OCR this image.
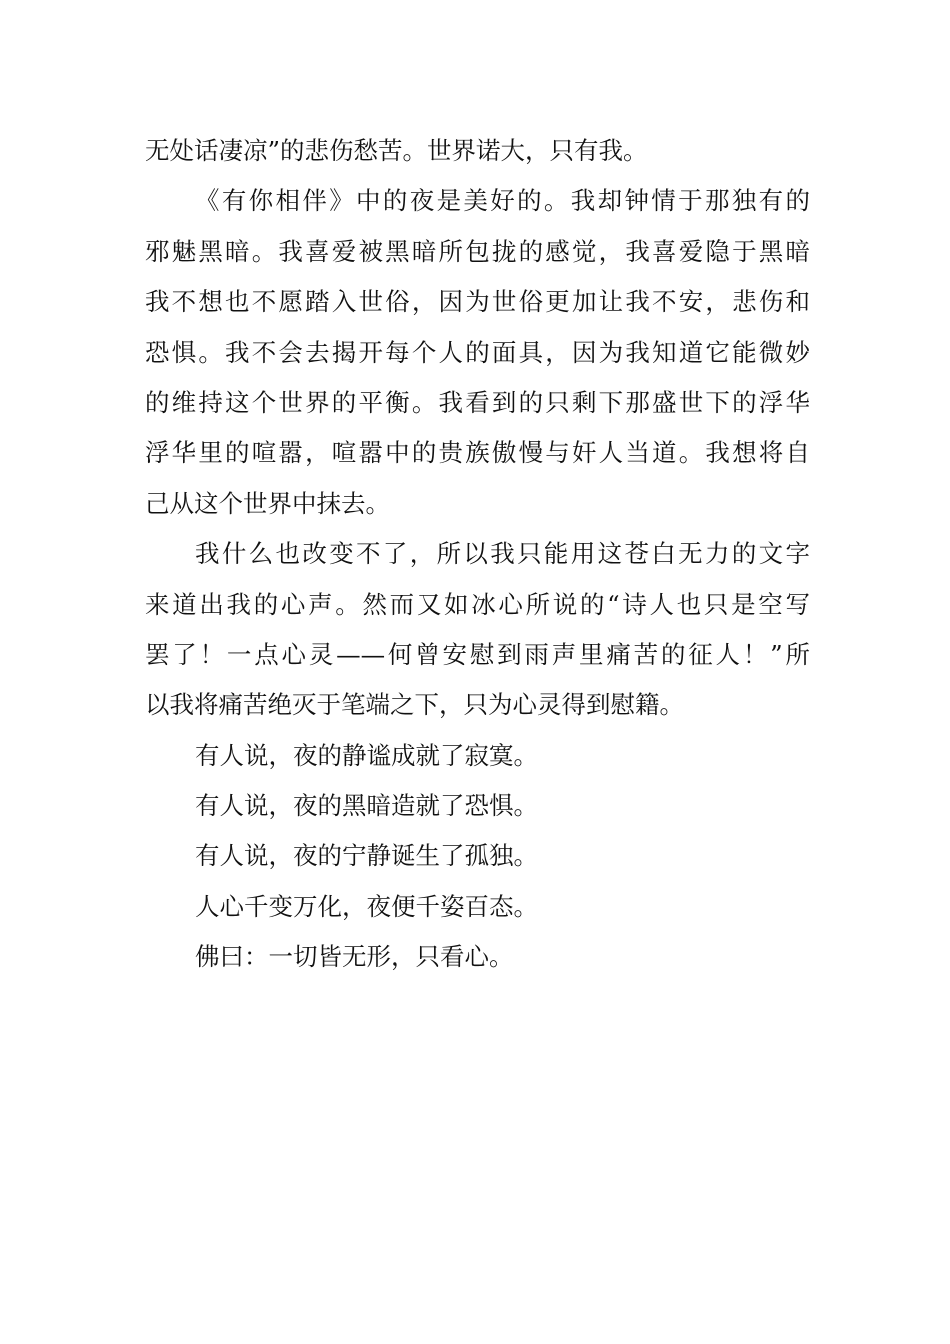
无处话凄凉”的悲伤愁苦。世界诺大，只有我。
《有你相伴》中的夜是美好的。我却钟情于那独有的
邪魅黑暗。我喜爱被黑暗所包拢的感觉，我喜爱隐于黑暗
我不想也不愿踏入世俗，因为世俗更加让我不安，悲伤和
恐惧。我不会去揭开每个人的面具，因为我知道它能微妙
的维持这个世界的平衡。我看到的只剩下那盛世下的浮华
浮华里的喧嚣，喧嚣中的贵族傲慢与奸人当道。我想将自
己从这个世界中抹去。
我什么也改变不了，所以我只能用这苍白无力的文字
来道出我的心声。然而又如冰心所说的“诗人也只是空写
罢了！一点心灵——何曾安慰到雨声里痛苦的征人！”所
以我将痛苦绝灭于笔端之下，只为心灵得到慰籍。
有人说，夜的静谧成就了寂寞。
有人说，夜的黑暗造就了恐惧。
有人说，夜的宁静诞生了孤独。
人心千变万化，夜便千姿百态。
佛曰：一切皆无形，只看心。
